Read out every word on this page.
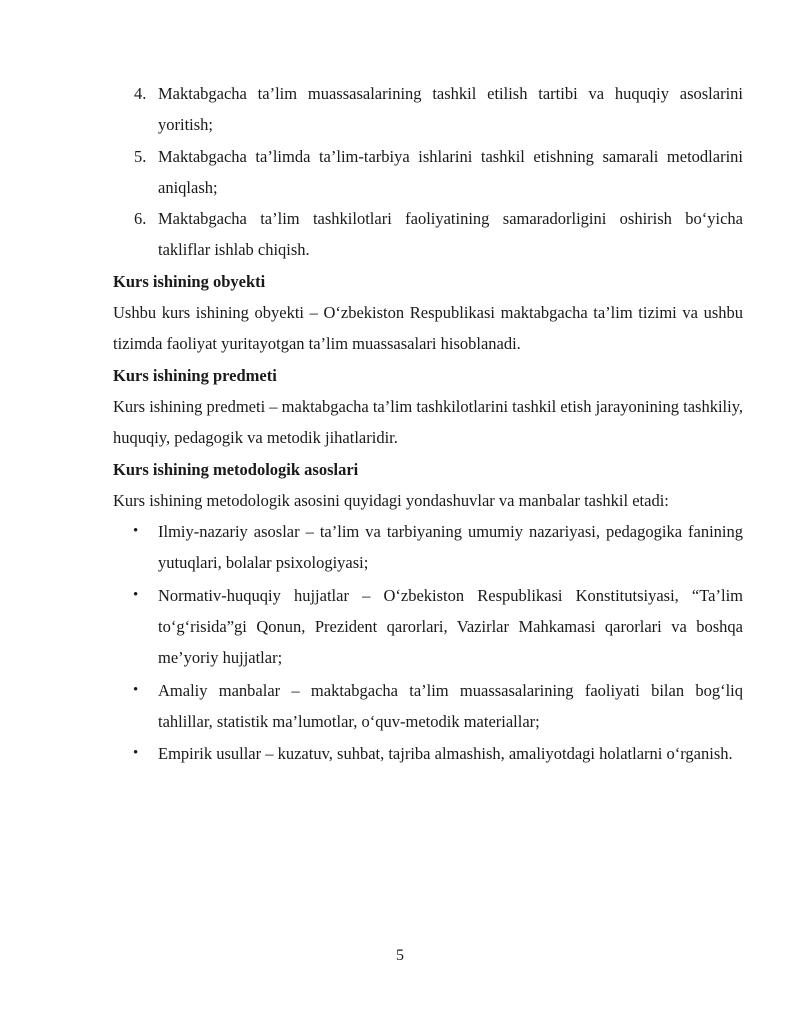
4. Maktabgacha ta’lim muassasalarining tashkil etilish tartibi va huquqiy asoslarini yoritish;
5. Maktabgacha ta’limda ta’lim-tarbiya ishlarini tashkil etishning samarali metodlarini aniqlash;
6. Maktabgacha ta’lim tashkilotlari faoliyatining samaradorligini oshirish bo‘yicha takliflar ishlab chiqish.
Kurs ishining obyekti

Ushbu kurs ishining obyekti – O‘zbekiston Respublikasi maktabgacha ta’lim tizimi va ushbu tizimda faoliyat yuritayotgan ta’lim muassasalari hisoblanadi.

Kurs ishining predmeti

Kurs ishining predmeti – maktabgacha ta’lim tashkilotlarini tashkil etish jarayonining tashkiliy, huquqiy, pedagogik va metodik jihatlaridir.

Kurs ishining metodologik asoslari

Kurs ishining metodologik asosini quyidagi yondashuvlar va manbalar tashkil etadi:

• Ilmiy-nazariy asoslar – ta’lim va tarbiyaning umumiy nazariyasi, pedagogika fanining yutuqlari, bolalar psixologiyasi;
• Normativ-huquqiy hujjatlar – O‘zbekiston Respublikasi Konstitutsiyasi, “Ta’lim to‘g‘risida”gi Qonun, Prezident qarorlari, Vazirlar Mahkamasi qarorlari va boshqa me’yoriy hujjatlar;
• Amaliy manbalar – maktabgacha ta’lim muassasalarining faoliyati bilan bog‘liq tahlillar, statistik ma’lumotlar, o‘quv-metodik materiallar;
• Empirik usullar – kuzatuv, suhbat, tajriba almashish, amaliyotdagi holatlarni o‘rganish.
5
